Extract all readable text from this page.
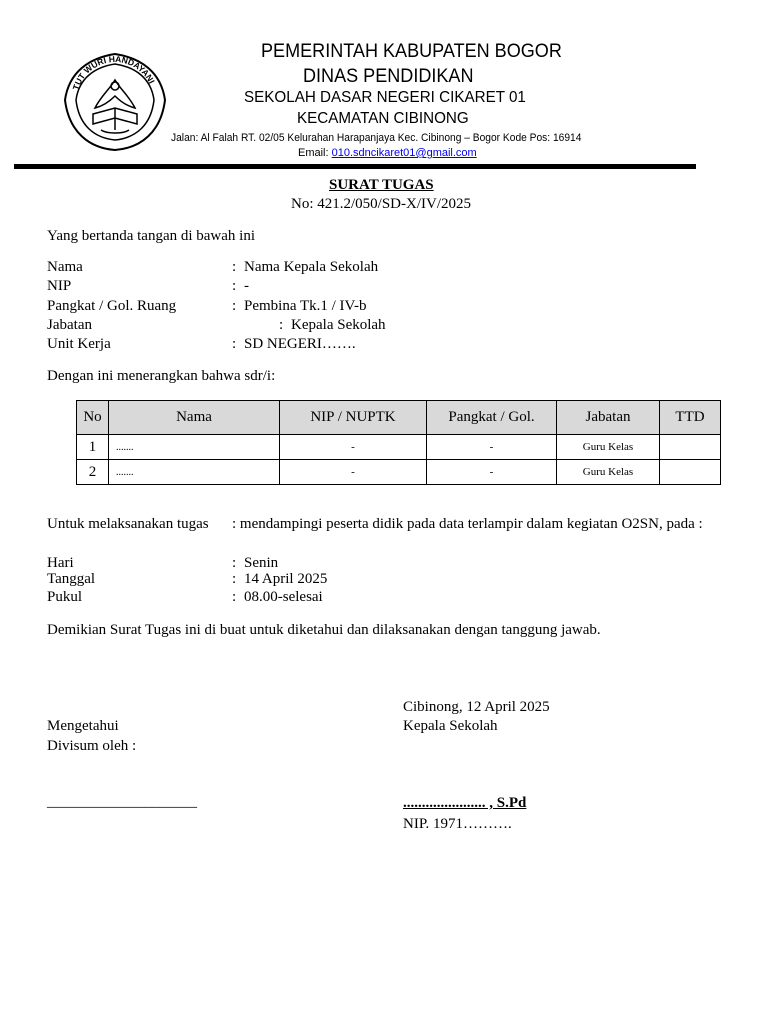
TUT WURI HANDAYANI
PEMERINTAH KABUPATEN BOGOR
DINAS PENDIDIKAN
SEKOLAH DASAR NEGERI CIKARET 01
KECAMATAN CIBINONG
Jalan: Al Falah RT. 02/05 Kelurahan Harapanjaya Kec. Cibinong – Bogor Kode Pos: 16914
Email: 010.sdncikaret01@gmail.com
SURAT TUGAS
No: 421.2/050/SD-X/IV/2025
Yang bertanda tangan di bawah ini
Nama	: Nama Kepala Sekolah
NIP	: -
Pangkat / Gol. Ruang	: Pembina Tk.1 / IV-b
Jabatan	: Kepala Sekolah
Unit Kerja	: SD NEGERI…….
Dengan ini menerangkan bahwa sdr/i:
No	Nama	NIP / NUPTK	Pangkat / Gol.	Jabatan	TTD
1	.......	-	-	Guru Kelas	
2	.......	-	-	Guru Kelas	
Untuk melaksanakan tugas : mendampingi peserta didik pada data terlampir dalam kegiatan O2SN, pada :
Hari	: Senin
Tanggal	: 14 April 2025
Pukul	: 08.00-selesai
Demikian Surat Tugas ini di buat untuk diketahui dan dilaksanakan dengan tanggung jawab.
Cibinong, 12 April 2025
Kepala Sekolah
Mengetahui
Divisum oleh :
____________________	...................... , S.Pd
NIP. 1971……….
